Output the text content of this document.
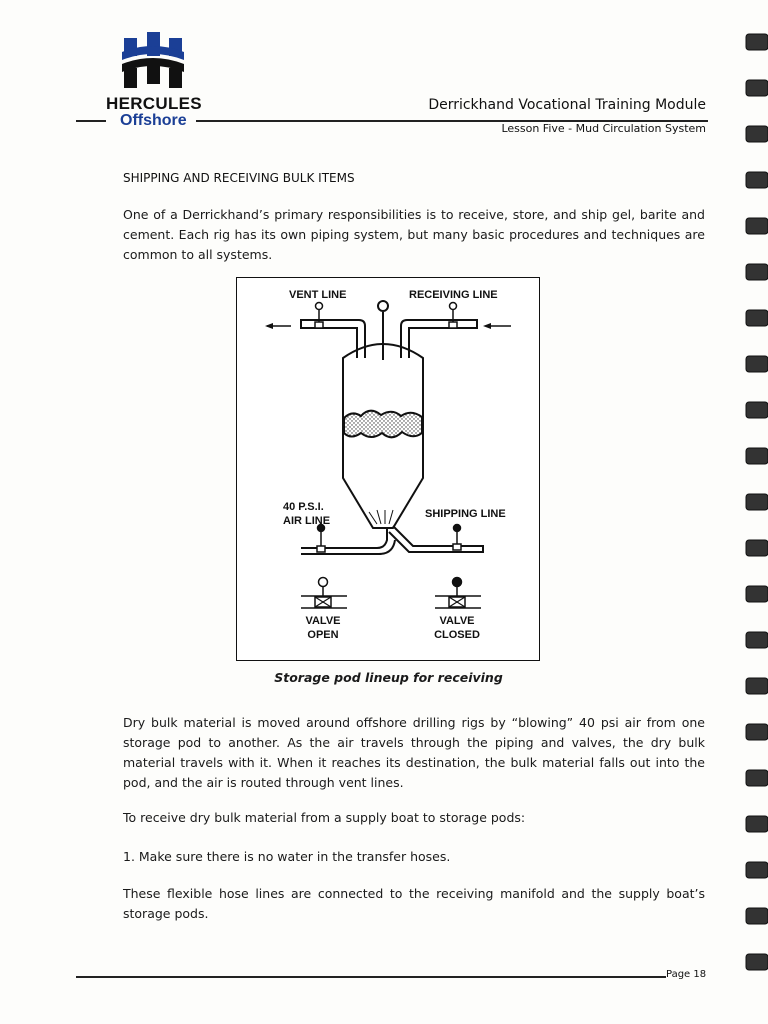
HERCULES
Offshore
Derrickhand Vocational Training Module
Lesson Five - Mud Circulation System
SHIPPING AND RECEIVING BULK ITEMS

One of a Derrickhand’s primary responsibilities is to receive, store, and ship gel, barite and cement. Each rig has its own piping system, but many basic procedures and techniques are common to all systems.

VENT LINE	RECEIVING LINE
40 P.S.I.
AIR LINE
SHIPPING LINE
VALVE
OPEN
VALVE
CLOSED
Storage pod lineup for receiving

Dry bulk material is moved around offshore drilling rigs by “blowing” 40 psi air from one storage pod to another. As the air travels through the piping and valves, the dry bulk material travels with it. When it reaches its destination, the bulk material falls out into the pod, and the air is routed through vent lines.

To receive dry bulk material from a supply boat to storage pods:

1. Make sure there is no water in the transfer hoses.

These flexible hose lines are connected to the receiving manifold and the supply boat’s storage pods.

Page 18
